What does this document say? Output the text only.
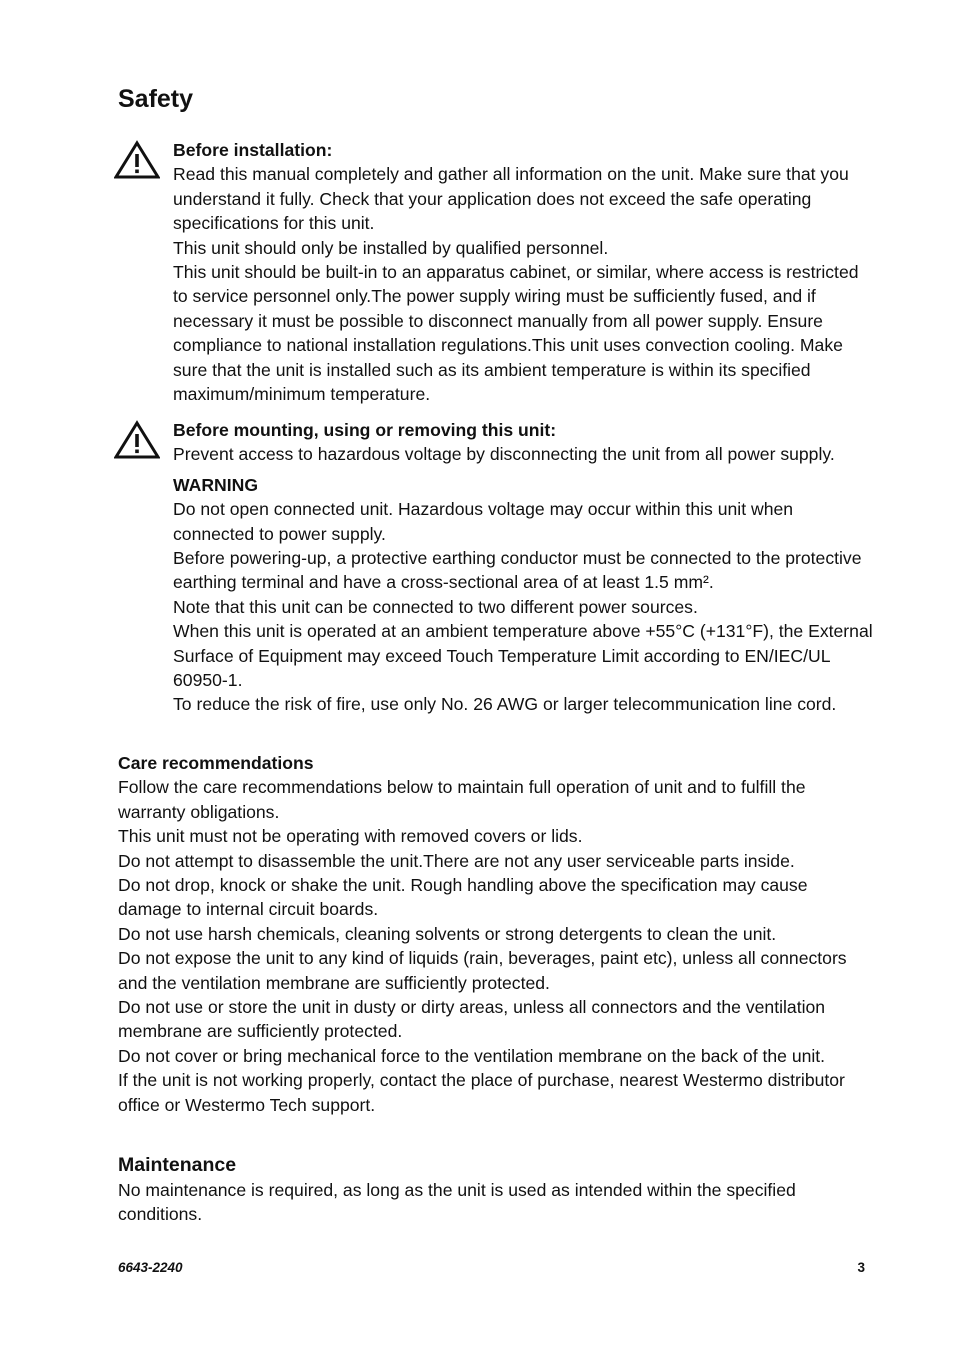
Safety

Before installation:

Read this manual completely and gather all information on the unit. Make sure that you understand it fully. Check that your application does not exceed the safe operating specifications for this unit.

This unit should only be installed by qualified personnel.

This unit should be built-in to an apparatus cabinet, or similar, where access is restricted to service personnel only.The power supply wiring must be sufficiently fused, and if necessary it must be possible to disconnect manually from all power supply. Ensure compliance to national installation regulations.This unit uses convection cooling. Make sure that the unit is installed such as its ambient temperature is within its specified maximum/minimum temperature.

Before mounting, using or removing this unit:

Prevent access to hazardous voltage by disconnecting the unit from all power supply.

WARNING

Do not open connected unit. Hazardous voltage may occur within this unit when connected to power supply.

Before powering-up, a protective earthing conductor must be connected to the protective earthing terminal and have a cross-sectional area of at least 1.5 mm².

Note that this unit can be connected to two different power sources.

When this unit is operated at an ambient temperature above +55°C (+131°F), the External Surface of Equipment may exceed Touch Temperature Limit according to EN/IEC/UL 60950-1.

To reduce the risk of fire, use only No. 26 AWG or larger telecommunication line cord.

Care recommendations

Follow the care recommendations below to maintain full operation of unit and to fulfill the warranty obligations.

This unit must not be operating with removed covers or lids.

Do not attempt to disassemble the unit.There are not any user serviceable parts inside.

Do not drop, knock or shake the unit. Rough handling above the specification may cause damage to internal circuit boards.

Do not use harsh chemicals, cleaning solvents or strong detergents to clean the unit.

Do not expose the unit to any kind of liquids (rain, beverages, paint etc), unless all connectors and the ventilation membrane are sufficiently protected.

Do not use or store the unit in dusty or dirty areas, unless all connectors and the ventilation membrane are sufficiently protected.

Do not cover or bring mechanical force to the ventilation membrane on the back of the unit.

If the unit is not working properly, contact the place of purchase, nearest Westermo distributor office or Westermo Tech support.

Maintenance

No maintenance is required, as long as the unit is used as intended within the specified conditions.

6643-2240	3
